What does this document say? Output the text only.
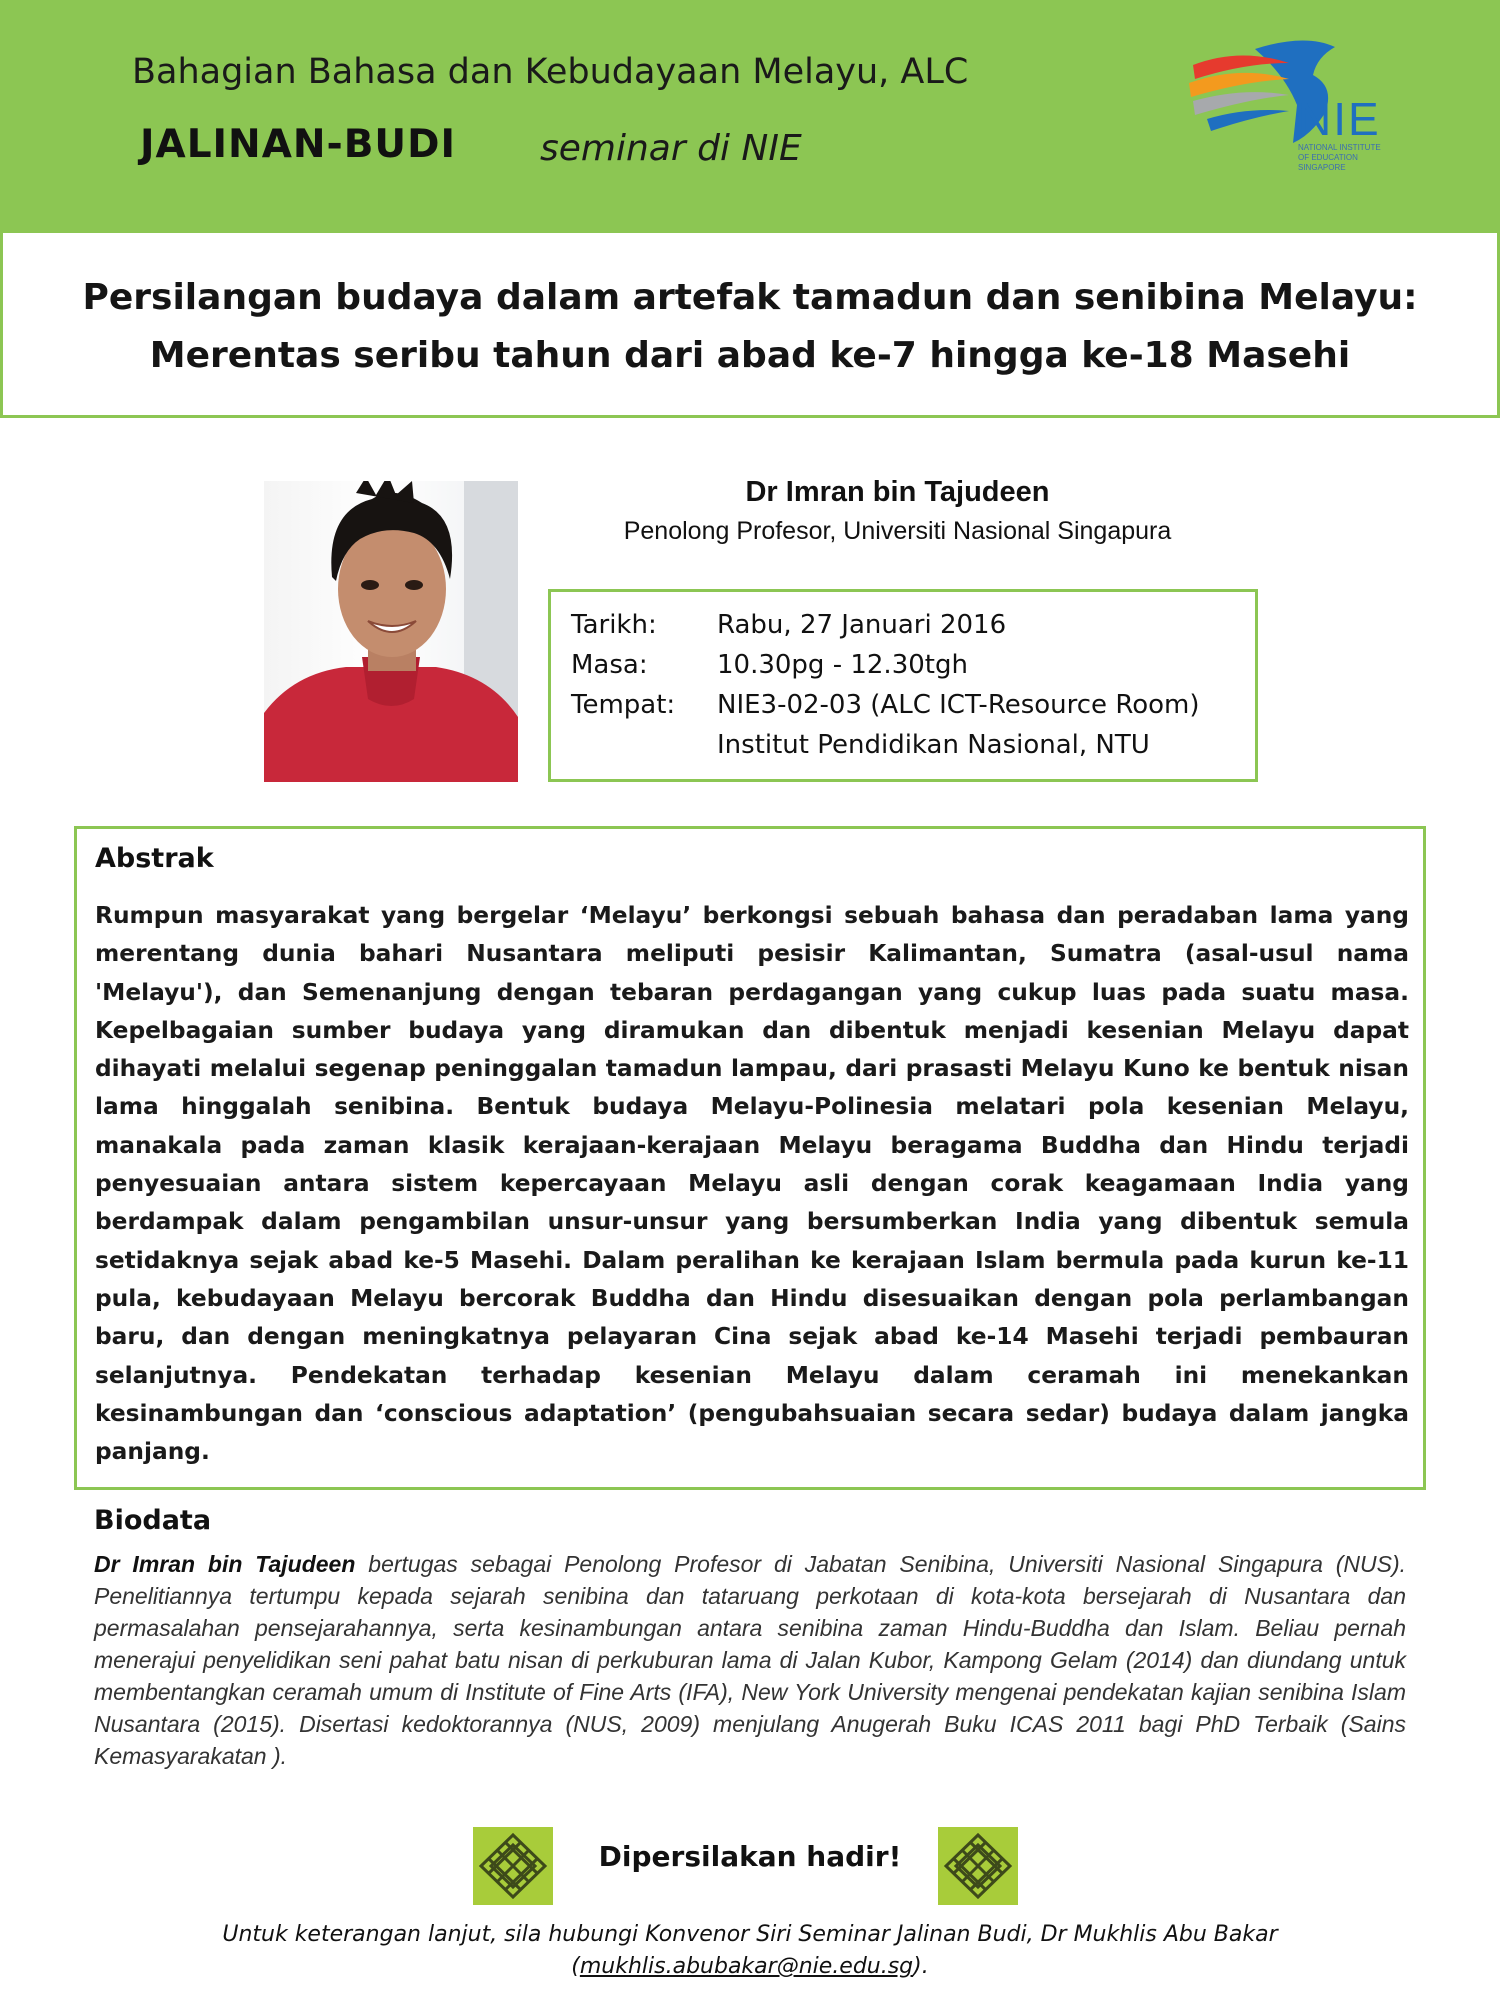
Bahagian Bahasa dan Kebudayaan Melayu, ALC
JALINAN-BUDI seminar di NIE
NIE
NATIONAL INSTITUTE OF EDUCATION SINGAPORE
Persilangan budaya dalam artefak tamadun dan senibina Melayu:
Merentas seribu tahun dari abad ke-7 hingga ke-18 Masehi
Dr Imran bin Tajudeen
Penolong Profesor, Universiti Nasional Singapura
Tarikh: Rabu, 27 Januari 2016
Masa:	10.30pg - 12.30tgh
Tempat: NIE3-02-03 (ALC ICT-Resource Room)
Institut Pendidikan Nasional, NTU
Abstrak
Rumpun masyarakat yang bergelar ‘Melayu’ berkongsi sebuah bahasa dan peradaban lama yang merentang dunia bahari Nusantara meliputi pesisir Kalimantan, Sumatra (asal-usul nama 'Melayu'), dan Semenanjung dengan tebaran perdagangan yang cukup luas pada suatu masa. Kepelbagaian sumber budaya yang diramukan dan dibentuk menjadi kesenian Melayu dapat dihayati melalui segenap peninggalan tamadun lampau, dari prasasti Melayu Kuno ke bentuk nisan lama hinggalah senibina. Bentuk budaya Melayu-Polinesia melatari pola kesenian Melayu, manakala pada zaman klasik kerajaan-kerajaan Melayu beragama Buddha dan Hindu terjadi penyesuaian antara sistem kepercayaan Melayu asli dengan corak keagamaan India yang berdampak dalam pengambilan unsur-unsur yang bersumberkan India yang dibentuk semula setidaknya sejak abad ke-5 Masehi. Dalam peralihan ke kerajaan Islam bermula pada kurun ke-11 pula, kebudayaan Melayu bercorak Buddha dan Hindu disesuaikan dengan pola perlambangan baru, dan dengan meningkatnya pelayaran Cina sejak abad ke-14 Masehi terjadi pembauran selanjutnya. Pendekatan terhadap kesenian Melayu dalam ceramah ini menekankan kesinambungan dan ‘conscious adaptation’ (pengubahsuaian secara sedar) budaya dalam jangka panjang.
Biodata
Dr Imran bin Tajudeen bertugas sebagai Penolong Profesor di Jabatan Senibina, Universiti Nasional Singapura (NUS). Penelitiannya tertumpu kepada sejarah senibina dan tataruang perkotaan di kota-kota bersejarah di Nusantara dan permasalahan pensejarahannya, serta kesinambungan antara senibina zaman Hindu-Buddha dan Islam. Beliau pernah menerajui penyelidikan seni pahat batu nisan di perkuburan lama di Jalan Kubor, Kampong Gelam (2014) dan diundang untuk membentangkan ceramah umum di Institute of Fine Arts (IFA), New York University mengenai pendekatan kajian senibina Islam Nusantara (2015). Disertasi kedoktorannya (NUS, 2009) menjulang Anugerah Buku ICAS 2011 bagi PhD Terbaik (Sains Kemasyarakatan ).
Dipersilakan hadir!
Untuk keterangan lanjut, sila hubungi Konvenor Siri Seminar Jalinan Budi, Dr Mukhlis Abu Bakar
(mukhlis.abubakar@nie.edu.sg).
